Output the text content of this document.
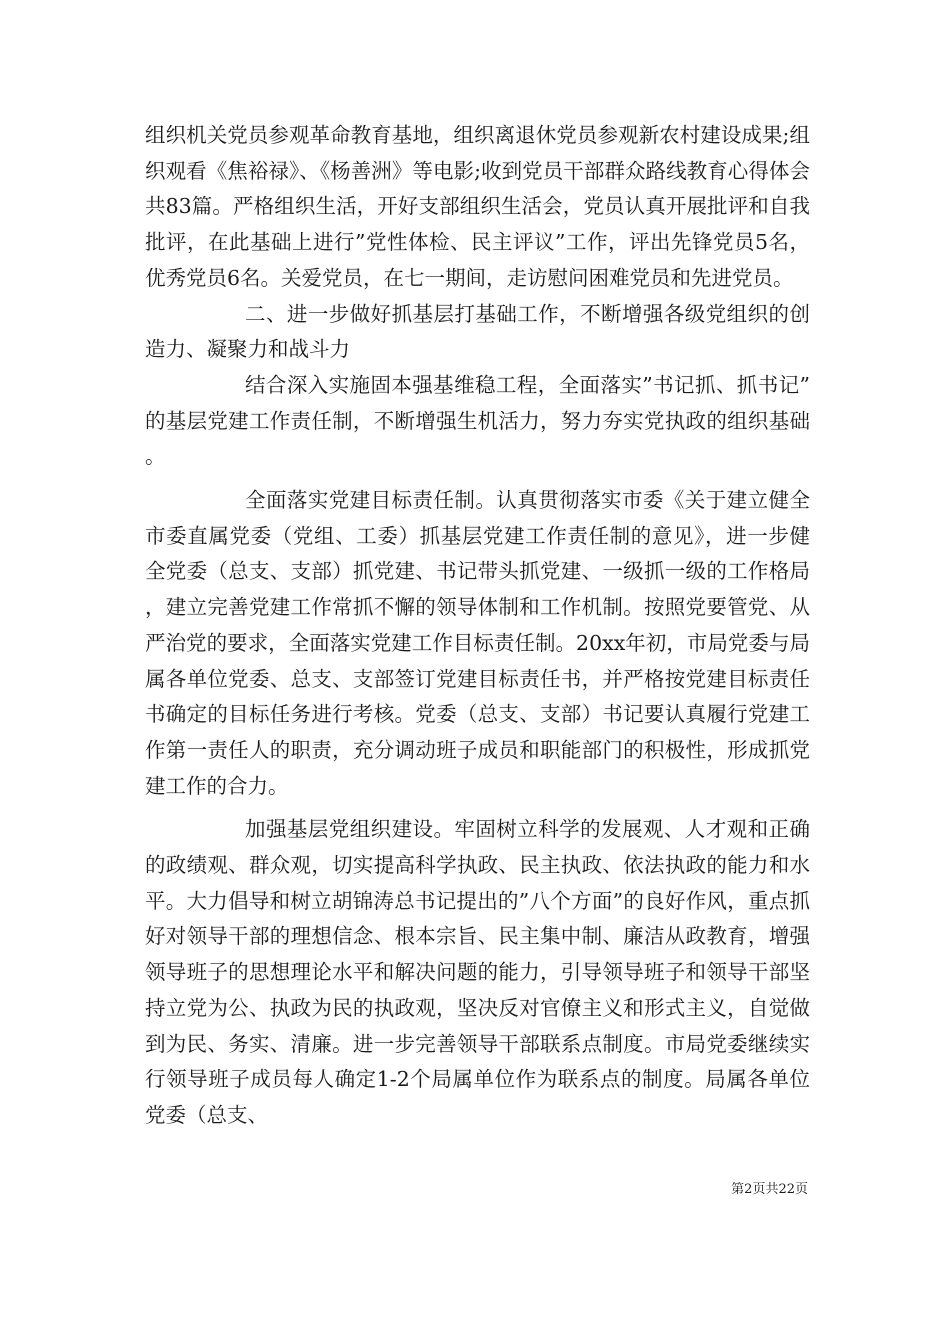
组织机关党员参观革命教育基地，组织离退休党员参观新农村建设成果;组织观看《焦裕禄》、《杨善洲》等电影;收到党员干部群众路线教育心得体会共83篇。严格组织生活，开好支部组织生活会，党员认真开展批评和自我批评，在此基础上进行”党性体检、民主评议”工作，评出先锋党员5名，优秀党员6名。关爱党员，在七一期间，走访慰问困难党员和先进党员。

二、进一步做好抓基层打基础工作，不断增强各级党组织的创造力、凝聚力和战斗力

结合深入实施固本强基维稳工程，全面落实”书记抓、抓书记”的基层党建工作责任制，不断增强生机活力，努力夯实党执政的组织基础。

全面落实党建目标责任制。认真贯彻落实市委《关于建立健全市委直属党委（党组、工委）抓基层党建工作责任制的意见》，进一步健全党委（总支、支部）抓党建、书记带头抓党建、一级抓一级的工作格局，建立完善党建工作常抓不懈的领导体制和工作机制。按照党要管党、从严治党的要求，全面落实党建工作目标责任制。20xx年初，市局党委与局属各单位党委、总支、支部签订党建目标责任书，并严格按党建目标责任书确定的目标任务进行考核。党委（总支、支部）书记要认真履行党建工作第一责任人的职责，充分调动班子成员和职能部门的积极性，形成抓党建工作的合力。

加强基层党组织建设。牢固树立科学的发展观、人才观和正确的政绩观、群众观，切实提高科学执政、民主执政、依法执政的能力和水平。大力倡导和树立胡锦涛总书记提出的”八个方面”的良好作风，重点抓好对领导干部的理想信念、根本宗旨、民主集中制、廉洁从政教育，增强领导班子的思想理论水平和解决问题的能力，引导领导班子和领导干部坚持立党为公、执政为民的执政观，坚决反对官僚主义和形式主义，自觉做到为民、务实、清廉。进一步完善领导干部联系点制度。市局党委继续实行领导班子成员每人确定1-2个局属单位作为联系点的制度。局属各单位党委（总支、

第2页共22页
